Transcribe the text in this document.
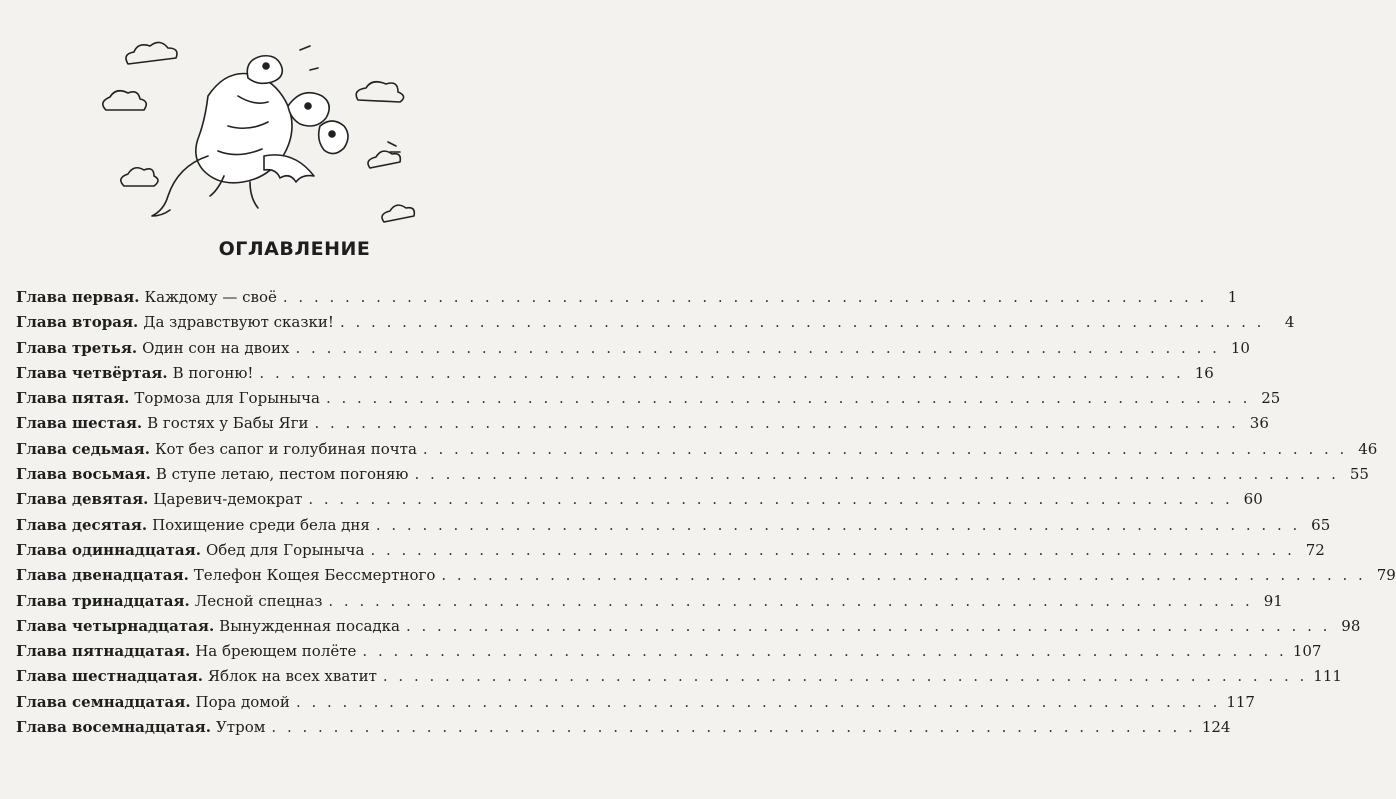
ОГЛАВЛЕНИЕ
Глава первая. Каждому — своё . . . . . . . . . . . . . . . . . . . . . . . . . . . . . . . . . . . . . . . . . . . . . . . . . . . . . . . . . . . .	1
Глава вторая. Да здравствуют сказки! . . . . . . . . . . . . . . . . . . . . . . . . . . . . . . . . . . . . . . . . . . . . . . . . . . . . . . . . . . . .	4
Глава третья. Один сон на двоих . . . . . . . . . . . . . . . . . . . . . . . . . . . . . . . . . . . . . . . . . . . . . . . . . . . . . . . . . . . . 10
Глава четвёртая. В погоню! . . . . . . . . . . . . . . . . . . . . . . . . . . . . . . . . . . . . . . . . . . . . . . . . . . . . . . . . . . . . 16
Глава пятая. Тормоза для Горыныча . . . . . . . . . . . . . . . . . . . . . . . . . . . . . . . . . . . . . . . . . . . . . . . . . . . . . . . . . . . . 25
Глава шестая. В гостях у Бабы Яги . . . . . . . . . . . . . . . . . . . . . . . . . . . . . . . . . . . . . . . . . . . . . . . . . . . . . . . . . . . . 36
Глава седьмая. Кот без сапог и голубиная почта . . . . . . . . . . . . . . . . . . . . . . . . . . . . . . . . . . . . . . . . . . . . . . . . . . . . . . . . . . . . 46
Глава восьмая. В ступе летаю, пестом погоняю . . . . . . . . . . . . . . . . . . . . . . . . . . . . . . . . . . . . . . . . . . . . . . . . . . . . . . . . . . . . 55
Глава девятая. Царевич-демократ . . . . . . . . . . . . . . . . . . . . . . . . . . . . . . . . . . . . . . . . . . . . . . . . . . . . . . . . . . . . 60
Глава десятая. Похищение среди бела дня . . . . . . . . . . . . . . . . . . . . . . . . . . . . . . . . . . . . . . . . . . . . . . . . . . . . . . . . . . . . 65
Глава одиннадцатая. Обед для Горыныча . . . . . . . . . . . . . . . . . . . . . . . . . . . . . . . . . . . . . . . . . . . . . . . . . . . . . . . . . . . . 72
Глава двенадцатая. Телефон Кощея Бессмертного . . . . . . . . . . . . . . . . . . . . . . . . . . . . . . . . . . . . . . . . . . . . . . . . . . . . . . . . . . . . 79
Глава тринадцатая. Лесной спецназ . . . . . . . . . . . . . . . . . . . . . . . . . . . . . . . . . . . . . . . . . . . . . . . . . . . . . . . . . . . . 91
Глава четырнадцатая. Вынужденная посадка . . . . . . . . . . . . . . . . . . . . . . . . . . . . . . . . . . . . . . . . . . . . . . . . . . . . . . . . . . . . 98
Глава пятнадцатая. На бреющем полёте . . . . . . . . . . . . . . . . . . . . . . . . . . . . . . . . . . . . . . . . . . . . . . . . . . . . . . . . . . . . 107
Глава шестнадцатая. Яблок на всех хватит . . . . . . . . . . . . . . . . . . . . . . . . . . . . . . . . . . . . . . . . . . . . . . . . . . . . . . . . . . . . 111
Глава семнадцатая. Пора домой . . . . . . . . . . . . . . . . . . . . . . . . . . . . . . . . . . . . . . . . . . . . . . . . . . . . . . . . . . . . 117
Глава восемнадцатая. Утром . . . . . . . . . . . . . . . . . . . . . . . . . . . . . . . . . . . . . . . . . . . . . . . . . . . . . . . . . . . . 124
